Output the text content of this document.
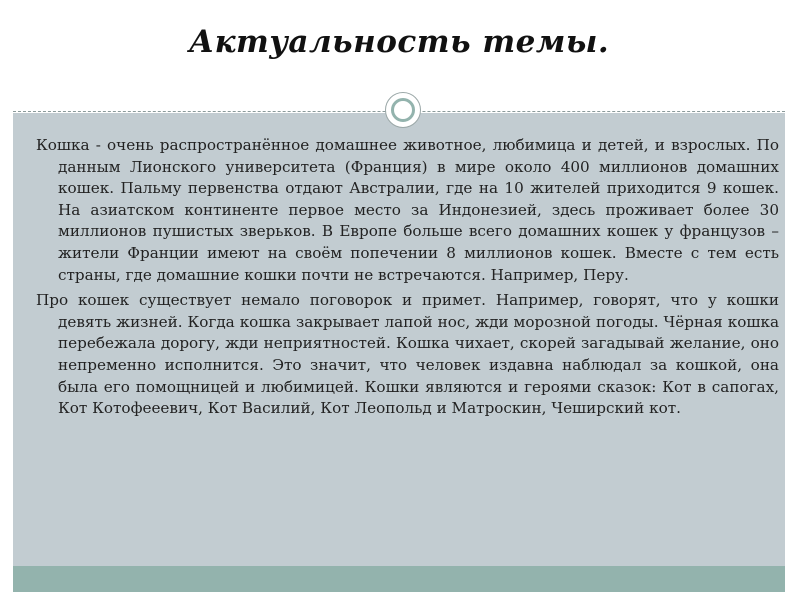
Актуальность темы.

Кошка - очень распространённое домашнее животное, любимица и детей, и взрослых. По данным Лионского университета (Франция) в мире около 400 миллионов домашних кошек. Пальму первенства отдают Австралии, где на 10 жителей приходится 9 кошек. На азиатском континенте первое место за Индонезией, здесь проживает более 30 миллионов пушистых зверьков. В Европе больше всего домашних кошек у французов – жители Франции имеют на своём попечении 8 миллионов кошек. Вместе с тем есть страны, где домашние кошки почти не встречаются. Например, Перу.

Про кошек существует немало поговорок и примет. Например, говорят, что у кошки девять жизней. Когда кошка закрывает лапой нос, жди морозной погоды. Чёрная кошка перебежала дорогу, жди неприятностей. Кошка чихает, скорей загадывай желание, оно непременно исполнится. Это значит, что человек издавна наблюдал за кошкой, она была его помощницей и любимицей. Кошки являются и героями сказок: Кот в сапогах, Кот Котофееевич, Кот Василий, Кот Леопольд и Матроскин, Чеширский кот.
